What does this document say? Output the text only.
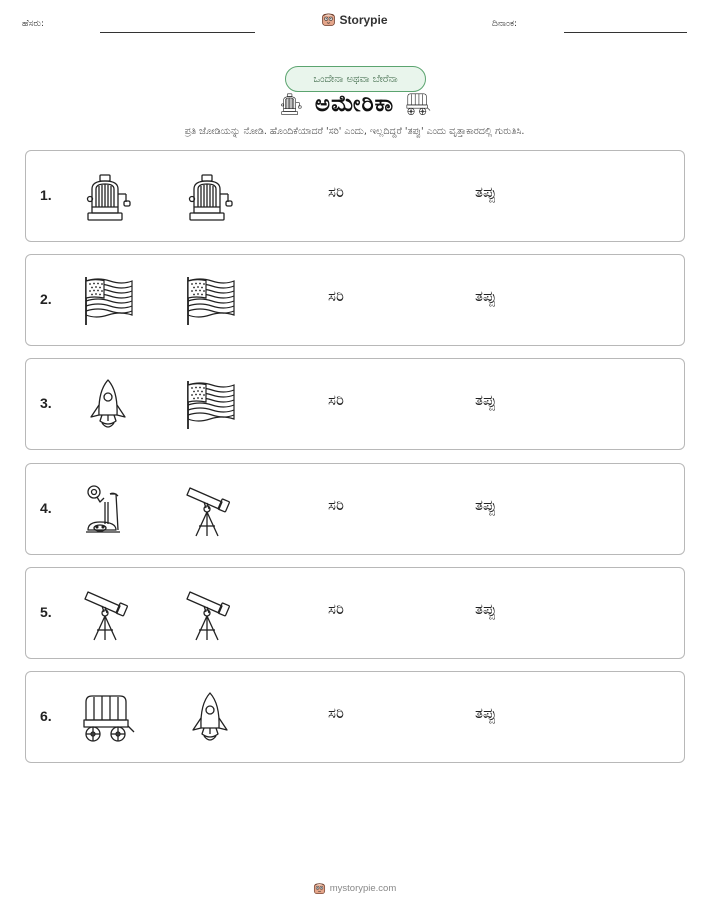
ಹೆಸರು:	ದಿನಾಂಕ:
Storypie
ಒಂದೇನಾ ಅಥವಾ ಬೇರೆನಾ
ಅಮೇರಿಕಾ
ಪ್ರತಿ ಜೋಡಿಯನ್ನು ನೋಡಿ. ಹೊಂದಿಕೆಯಾದರೆ 'ಸರಿ' ಎಂದು, ಇಲ್ಲದಿದ್ದರೆ 'ತಪ್ಪು' ಎಂದು ವೃತ್ತಾಕಾರದಲ್ಲಿ ಗುರುತಿಸಿ.
1.	ಸರಿ	ತಪ್ಪು
2.	ಸರಿ	ತಪ್ಪು
3.	ಸರಿ	ತಪ್ಪು
4.	ಸರಿ	ತಪ್ಪು
5.	ಸರಿ	ತಪ್ಪು
6.	ಸರಿ	ತಪ್ಪು
mystorypie.com
